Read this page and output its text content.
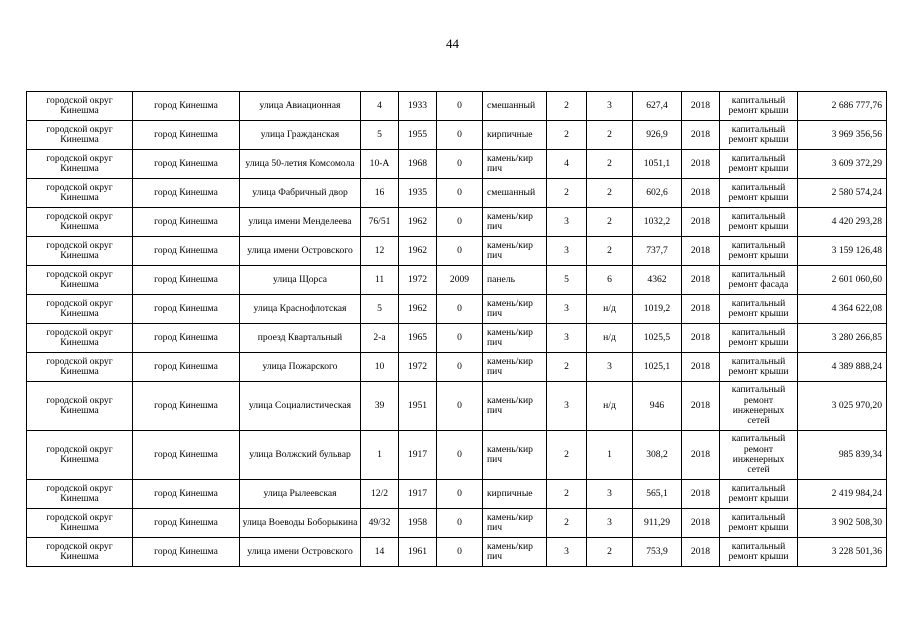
44
городской округ Кинешма	город Кинешма	улица Авиационная	4	1933	0	смешанный	2	3	627,4	2018	капитальный ремонт крыши	2 686 777,76
городской округ Кинешма	город Кинешма	улица Гражданская	5	1955	0	кирпичные	2	2	926,9	2018	капитальный ремонт крыши	3 969 356,56
городской округ Кинешма	город Кинешма	улица 50-летия Комсомола	10-А	1968	0	камень/кир пич	4	2	1051,1	2018	капитальный ремонт крыши	3 609 372,29
городской округ Кинешма	город Кинешма	улица Фабричный двор	16	1935	0	смешанный	2	2	602,6	2018	капитальный ремонт крыши	2 580 574,24
городской округ Кинешма	город Кинешма	улица имени Менделеева	76/51	1962	0	камень/кир пич	3	2	1032,2	2018	капитальный ремонт крыши	4 420 293,28
городской округ Кинешма	город Кинешма	улица имени Островского	12	1962	0	камень/кир пич	3	2	737,7	2018	капитальный ремонт крыши	3 159 126,48
городской округ Кинешма	город Кинешма	улица Щорса	11	1972	2009	панель	5	6	4362	2018	капитальный ремонт фасада	2 601 060,60
городской округ Кинешма	город Кинешма	улица Краснофлотская	5	1962	0	камень/кир пич	3	н/д	1019,2	2018	капитальный ремонт крыши	4 364 622,08
городской округ Кинешма	город Кинешма	проезд Квартальный	2-а	1965	0	камень/кир пич	3	н/д	1025,5	2018	капитальный ремонт крыши	3 280 266,85
городской округ Кинешма	город Кинешма	улица Пожарского	10	1972	0	камень/кир пич	2	3	1025,1	2018	капитальный ремонт крыши	4 389 888,24
городской округ Кинешма	город Кинешма	улица Социалистическая	39	1951	0	камень/кир пич	3	н/д	946	2018	капитальный ремонт инженерных сетей	3 025 970,20
городской округ Кинешма	город Кинешма	улица Волжский бульвар	1	1917	0	камень/кир пич	2	1	308,2	2018	капитальный ремонт инженерных сетей	985 839,34
городской округ Кинешма	город Кинешма	улица Рылеевская	12/2	1917	0	кирпичные	2	3	565,1	2018	капитальный ремонт крыши	2 419 984,24
городской округ Кинешма	город Кинешма	улица Воеводы Боборыкина	49/32	1958	0	камень/кир пич	2	3	911,29	2018	капитальный ремонт крыши	3 902 508,30
городской округ Кинешма	город Кинешма	улица имени Островского	14	1961	0	камень/кир пич	3	2	753,9	2018	капитальный ремонт крыши	3 228 501,36
